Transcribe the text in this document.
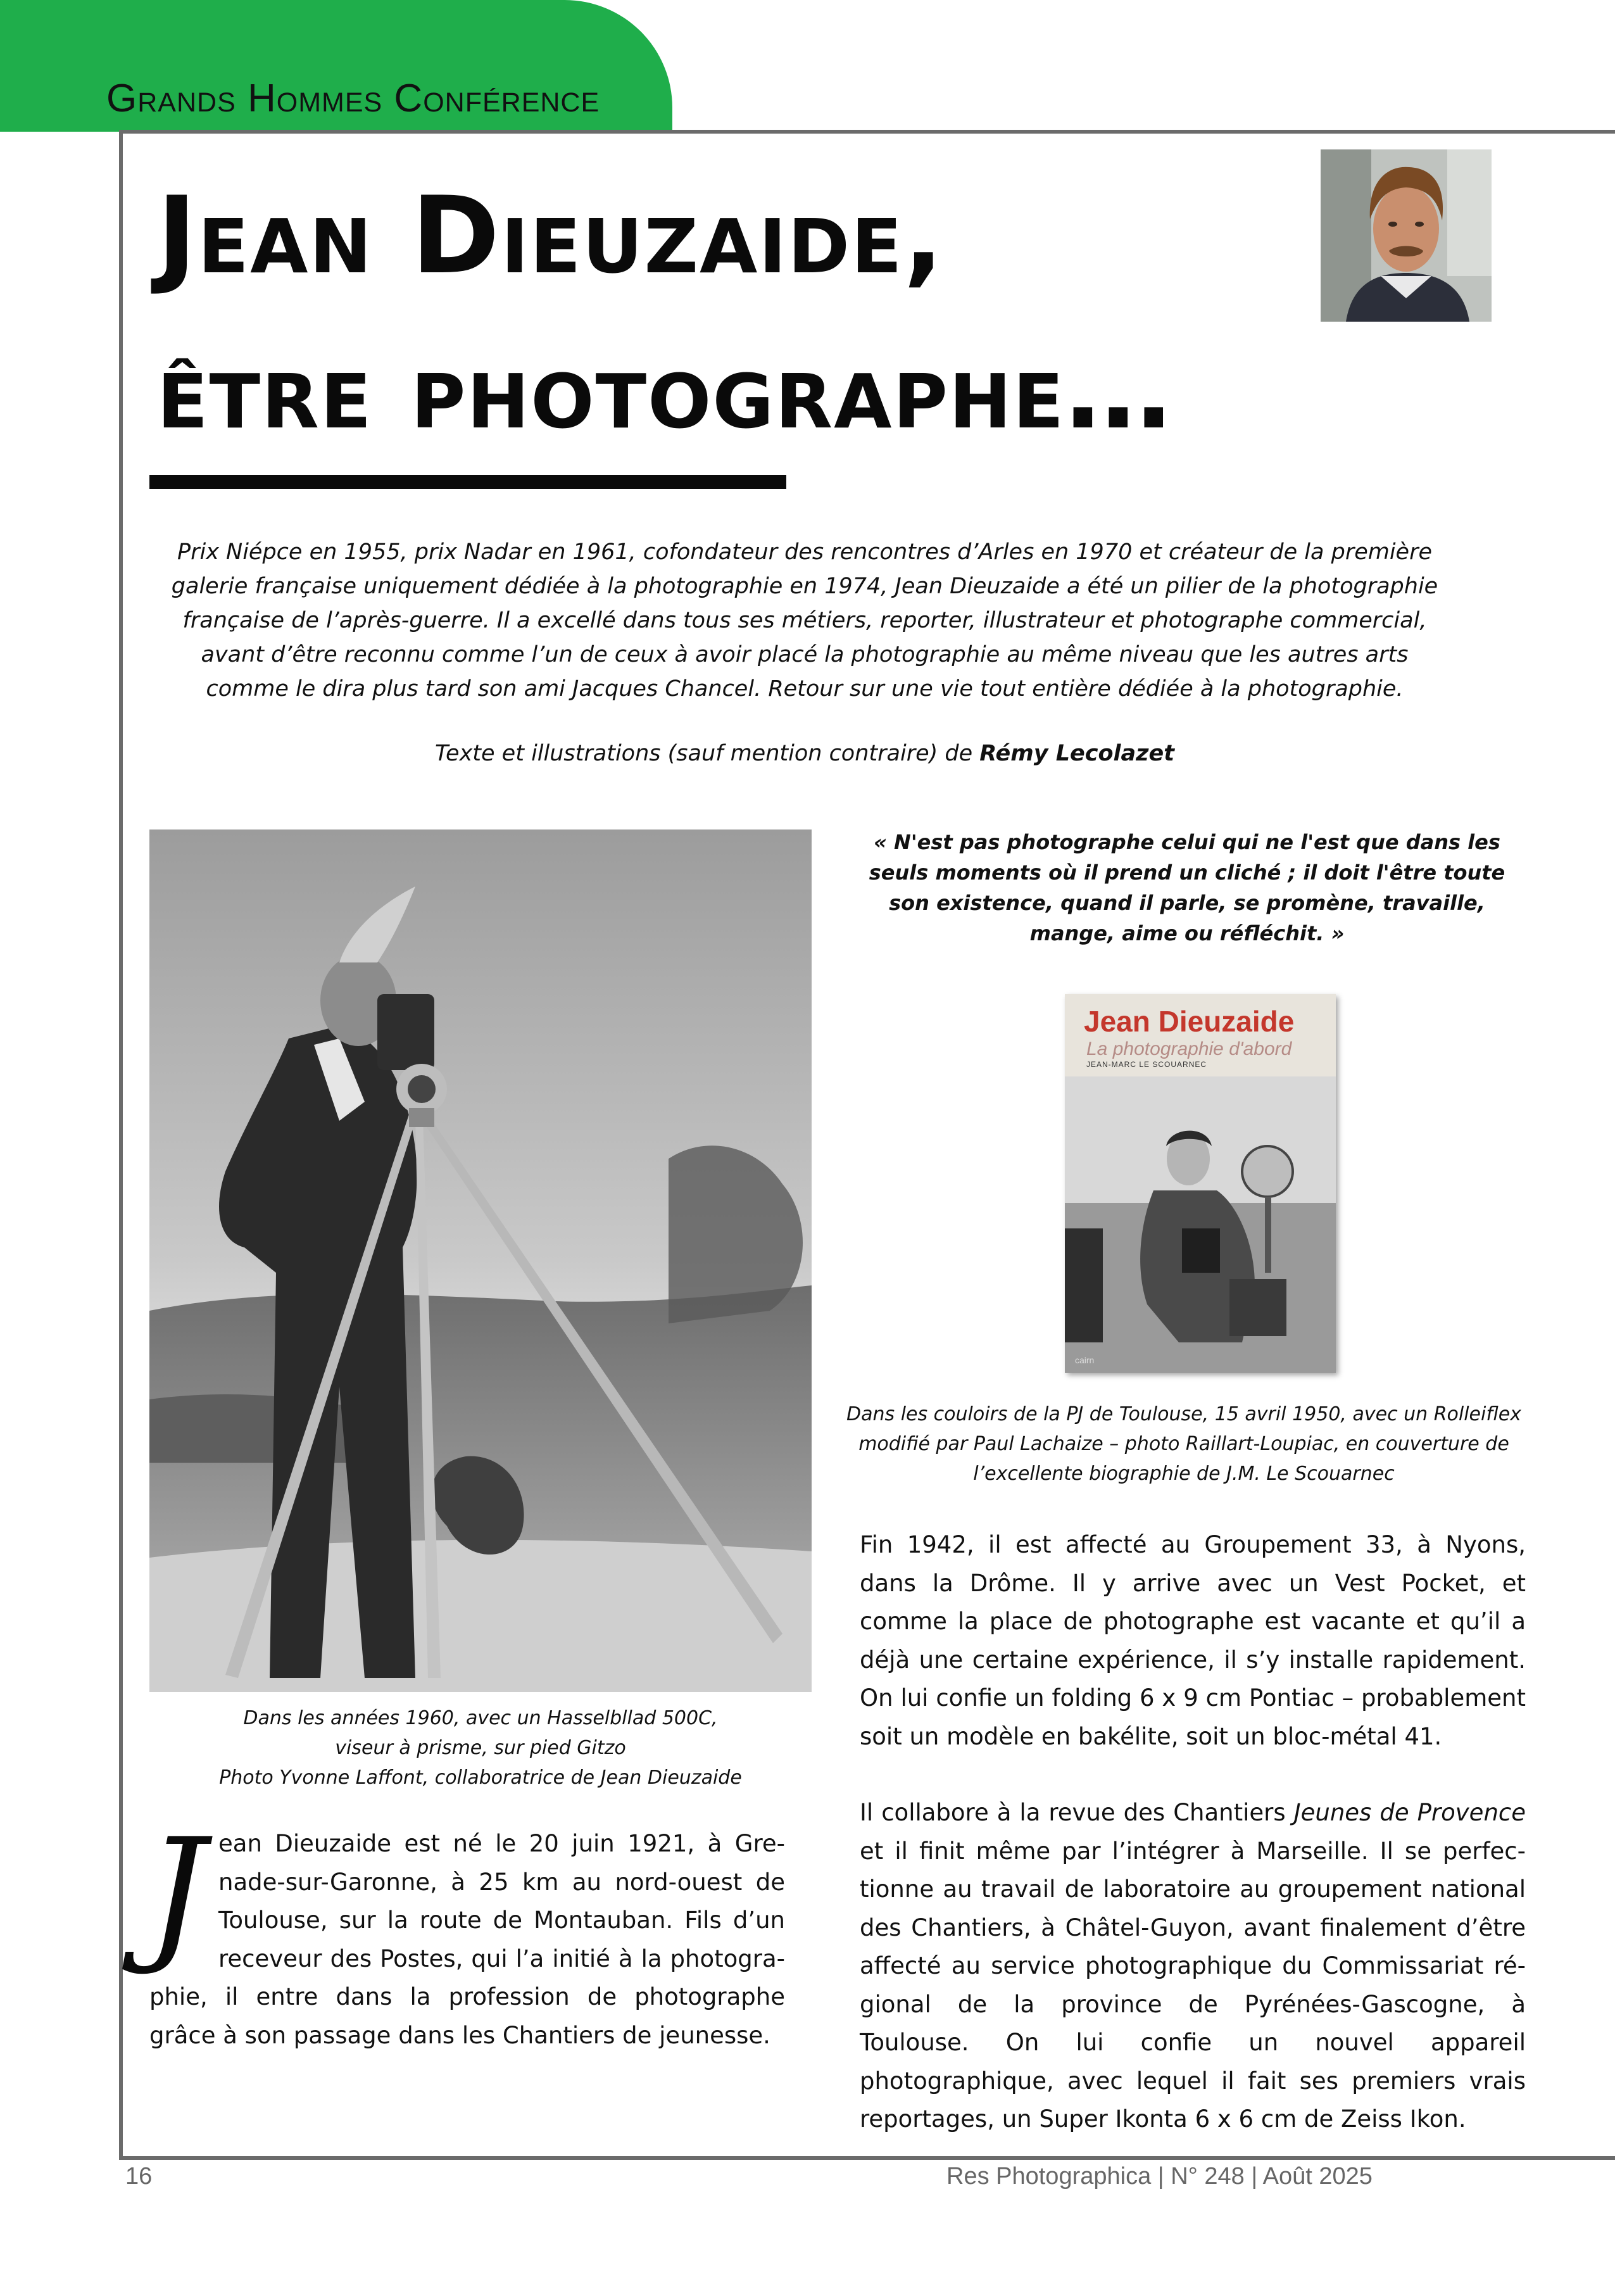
Grands Hommes Conférence
Jean Dieuzaide,
être photographe…

Prix Niépce en 1955, prix Nadar en 1961, cofondateur des rencontres d’Arles en 1970 et créateur de la première galerie française uniquement dédiée à la photographie en 1974, Jean Dieuzaide a été un pilier de la photographie française de l’après-guerre. Il a excellé dans tous ses métiers, reporter, illustrateur et photographe commercial, avant d’être reconnu comme l’un de ceux à avoir placé la photographie au même niveau que les autres arts comme le dira plus tard son ami Jacques Chancel. Retour sur une vie tout entière dédiée à la photographie.

Texte et illustrations (sauf mention contraire) de Rémy Lecolazet

Dans les années 1960, avec un Hasselbllad 500C,

viseur à prisme, sur pied Gitzo

Photo Yvonne Laffont, collaboratrice de Jean Dieuzaide

« N'est pas photographe celui qui ne l'est que dans les seuls moments où il prend un cliché ; il doit l'être toute son existence, quand il parle, se promène, travaille, mange, aime ou réfléchit. »

Jean Dieuzaide
La photographie d'abord
JEAN-MARC LE SCOUARNEC
cairn

Dans les couloirs de la PJ de Toulouse, 15 avril 1950, avec un Rolleiflex modifié par Paul Lachaize – photo Raillart-Loupiac, en couverture de l’excellente biographie de J.M. Le Scouarnec

Jean Dieuzaide est né le 20 juin 1921, à Grenade-sur-Garonne, à 25 km au nord-ouest de Toulouse, sur la route de Montauban. Fils d’un receveur des Postes, qui l’a initié à la photographie, il entre dans la profession de photographe grâce à son passage dans les Chantiers de jeunesse.

Fin 1942, il est affecté au Groupement 33, à Nyons, dans la Drôme. Il y arrive avec un Vest Pocket, et comme la place de photographe est vacante et qu’il a déjà une certaine expérience, il s’y installe rapidement. On lui confie un folding 6 x 9 cm Pontiac – probablement soit un modèle en bakélite, soit un bloc-métal 41.

Il collabore à la revue des Chantiers Jeunes de Provence et il finit même par l’intégrer à Marseille. Il se perfectionne au travail de laboratoire au groupement national des Chantiers, à Châtel-Guyon, avant finalement d’être affecté au service photographique du Commissariat régional de la province de Pyrénées-Gascogne, à Toulouse. On lui confie un nouvel appareil photographique, avec lequel il fait ses premiers vrais reportages, un Super Ikonta 6 x 6 cm de Zeiss Ikon.

16	Res Photographica | N° 248 | Août 2025
